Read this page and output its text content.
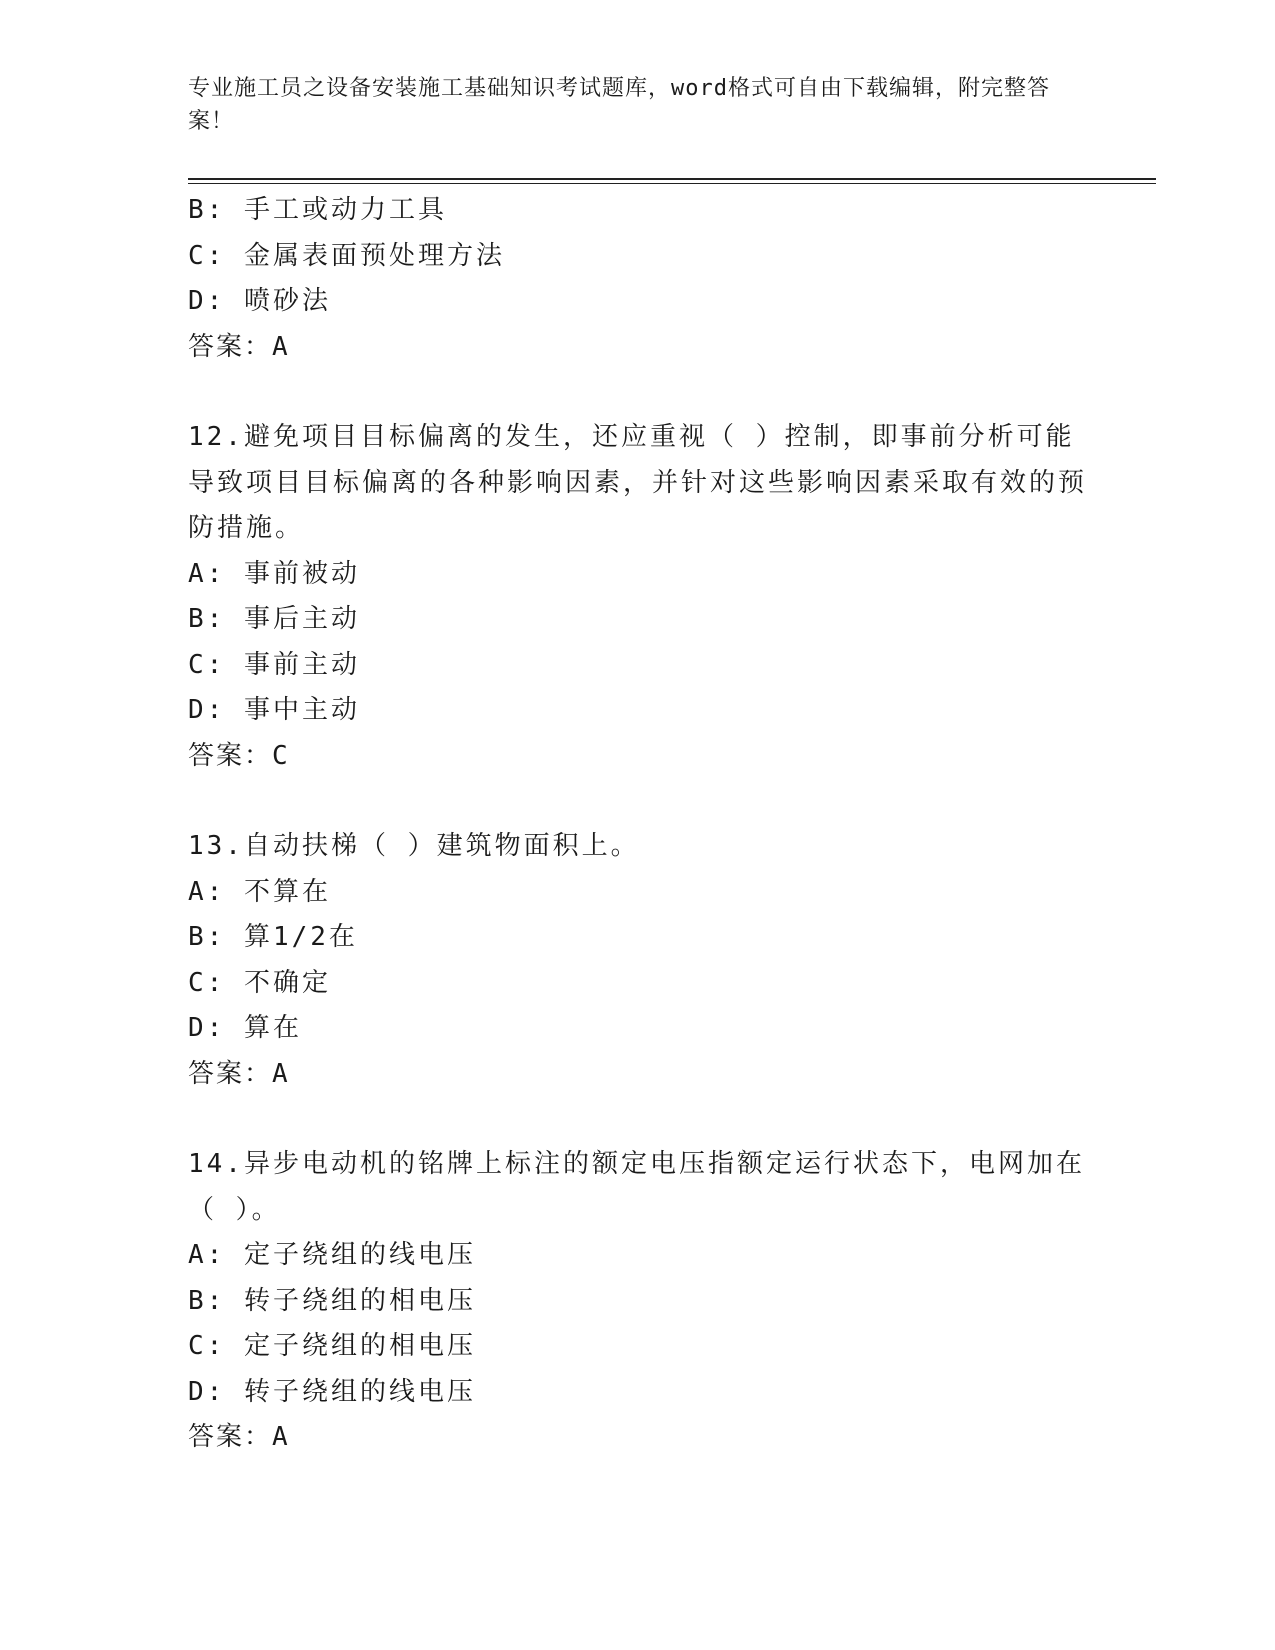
专业施工员之设备安装施工基础知识考试题库，word格式可自由下载编辑，附完整答案！
B: 手工或动力工具
C: 金属表面预处理方法
D: 喷砂法
答案：A
12.避免项目目标偏离的发生，还应重视（ ）控制，即事前分析可能导致项目目标偏离的各种影响因素，并针对这些影响因素采取有效的预防措施。
A: 事前被动
B: 事后主动
C: 事前主动
D: 事中主动
答案：C
13.自动扶梯（ ）建筑物面积上。
A: 不算在
B: 算1/2在
C: 不确定
D: 算在
答案：A
14.异步电动机的铭牌上标注的额定电压指额定运行状态下，电网加在（ ）。
A: 定子绕组的线电压
B: 转子绕组的相电压
C: 定子绕组的相电压
D: 转子绕组的线电压
答案：A
